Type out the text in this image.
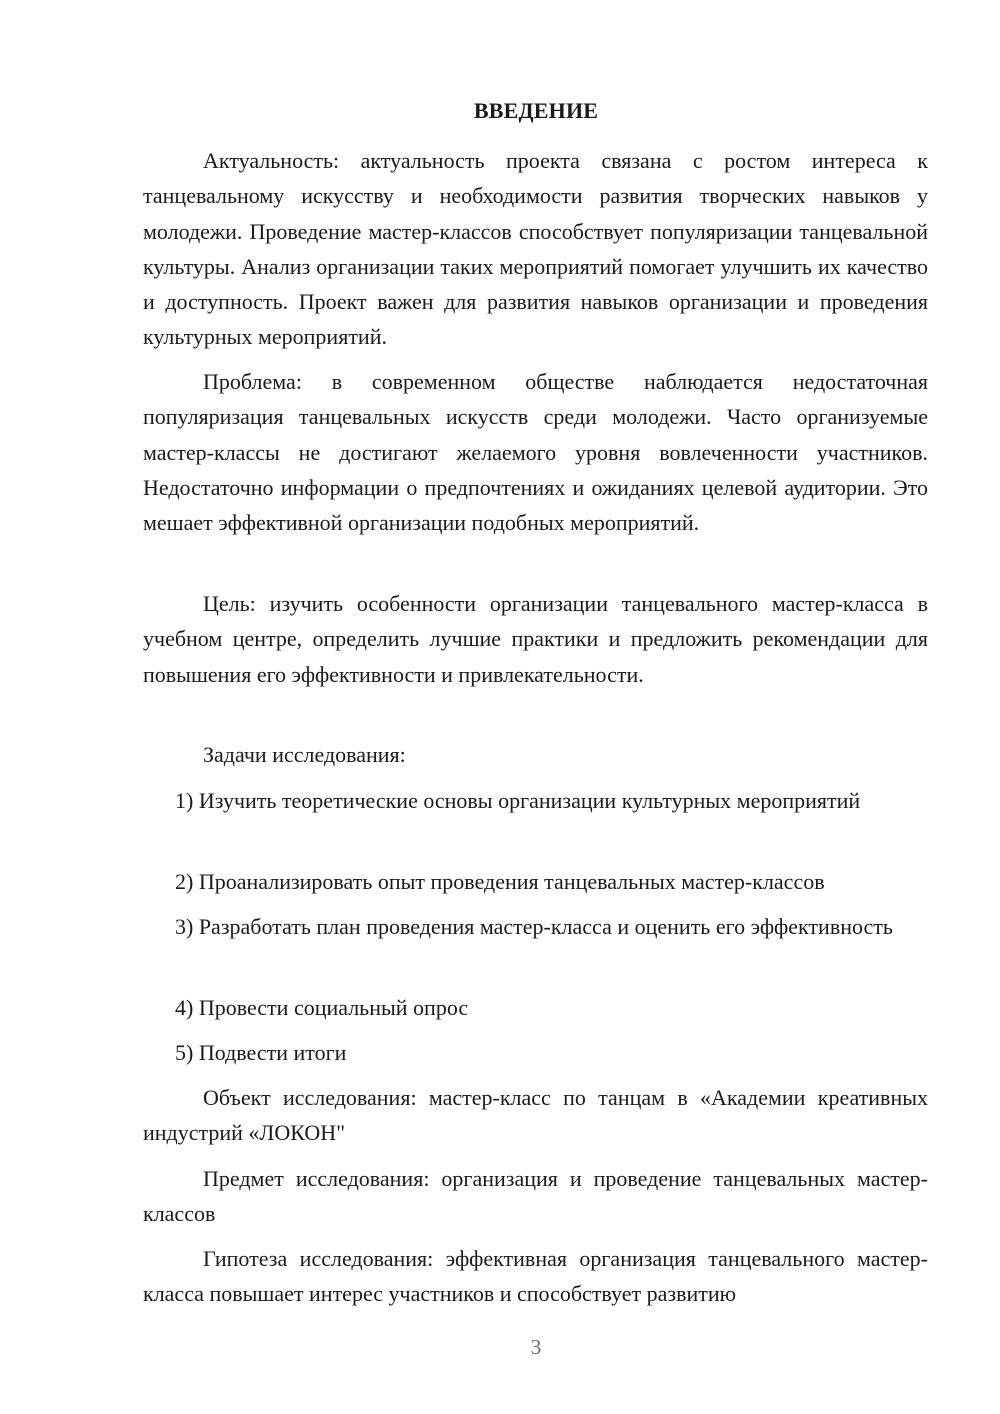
ВВЕДЕНИЕ

Актуальность: актуальность проекта связана с ростом интереса к танцевальному искусству и необходимости развития творческих навыков у молодежи. Проведение мастер-классов способствует популяризации танцевальной культуры. Анализ организации таких мероприятий помогает улучшить их качество и доступность. Проект важен для развития навыков организации и проведения культурных мероприятий.

Проблема: в современном обществе наблюдается недостаточная популяризация танцевальных искусств среди молодежи. Часто организуемые мастер-классы не достигают желаемого уровня вовлеченности участников. Недостаточно информации о предпочтениях и ожиданиях целевой аудитории. Это мешает эффективной организации подобных мероприятий.

Цель: изучить особенности организации танцевального мастер-класса в учебном центре, определить лучшие практики и предложить рекомендации для повышения его эффективности и привлекательности.

Задачи исследования:

1) Изучить теоретические основы организации культурных мероприятий

2) Проанализировать опыт проведения танцевальных мастер-классов

3) Разработать план проведения мастер-класса и оценить его эффективность

4) Провести социальный опрос

5) Подвести итоги

Объект исследования: мастер-класс по танцам в «Академии креативных индустрий «ЛОКОН"

Предмет исследования: организация и проведение танцевальных мастер-классов

Гипотеза исследования: эффективная организация танцевального мастер-класса повышает интерес участников и способствует развитию

3
